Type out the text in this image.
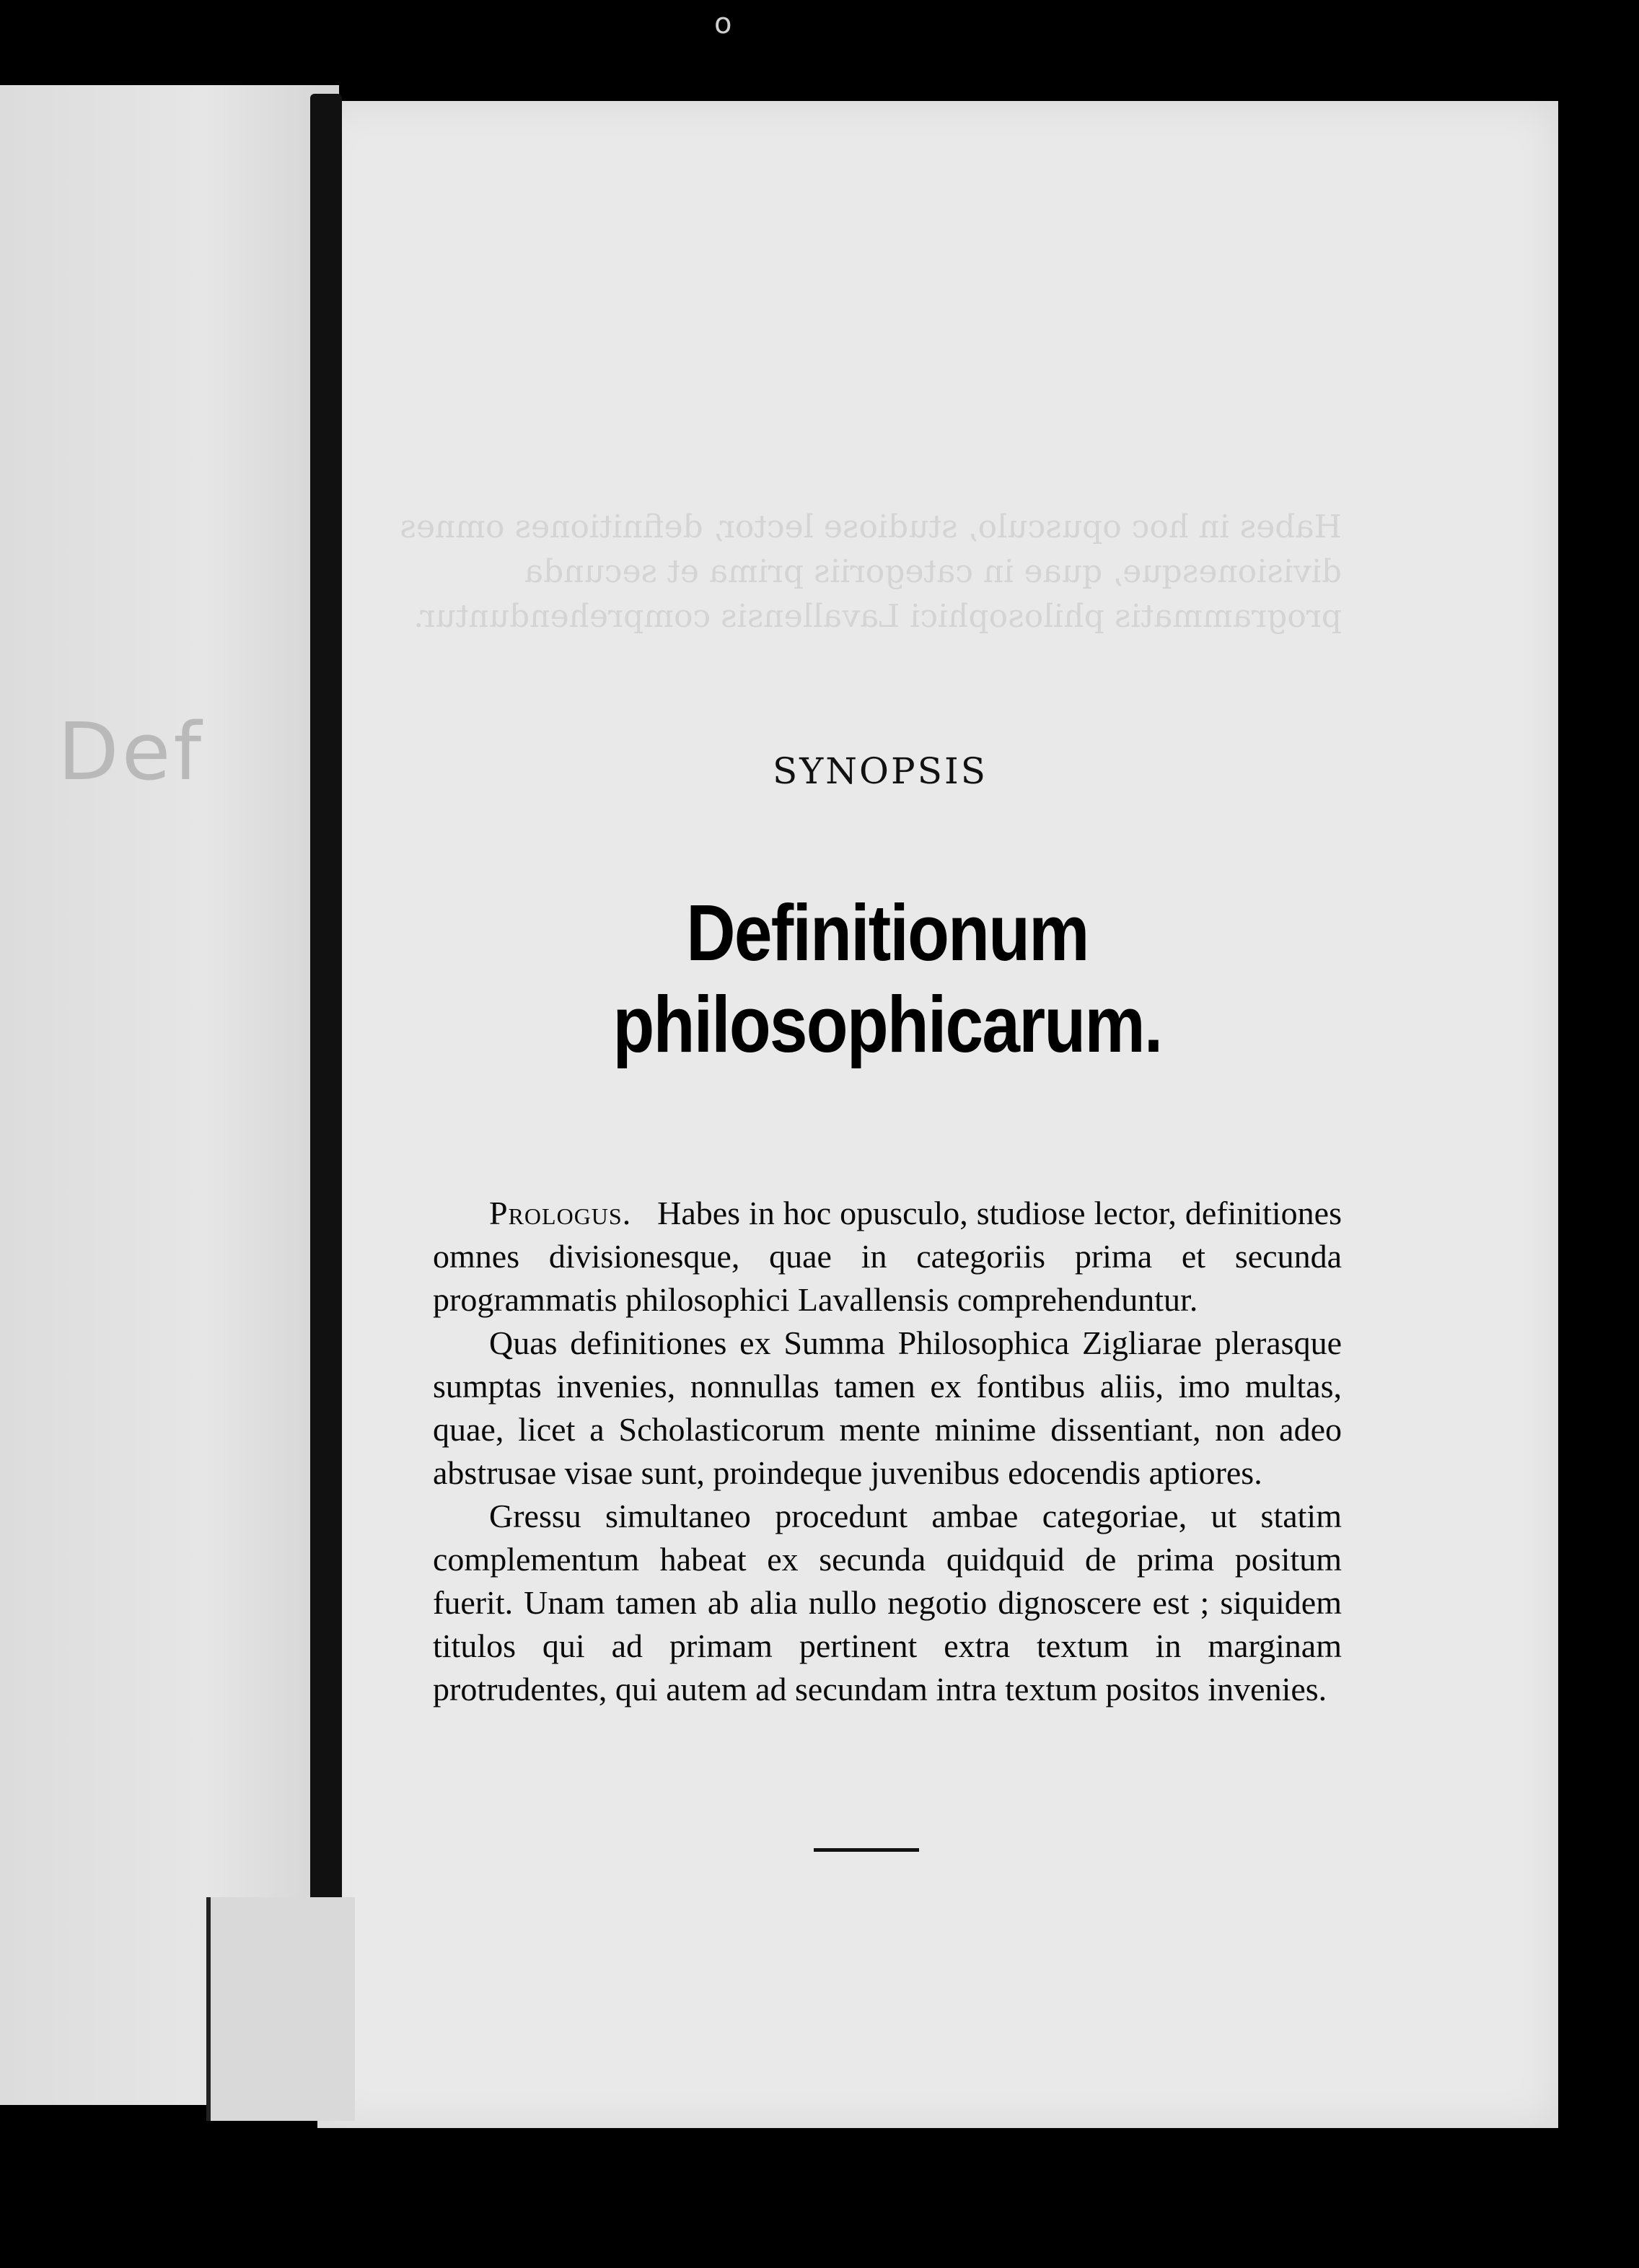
o
Def
Habes in hoc opusculo, studiose lector, definitiones omnes divisionesque, quae in categoriis prima et secunda programmatis philosophici Lavallensis comprehenduntur.
SYNOPSIS
Definitionum philosophicarum.

Prologus. Habes in hoc opusculo, studiose lector, definitiones omnes divisionesque, quae in categoriis prima et secunda programmatis philosophici Lavallensis comprehenduntur.

Quas definitiones ex Summa Philosophica Zigliarae plerasque sumptas invenies, nonnullas tamen ex fontibus aliis, imo multas, quae, licet a Scholasticorum mente minime dissentiant, non adeo abstrusae visae sunt, proindeque juvenibus edocendis aptiores.

Gressu simultaneo procedunt ambae categoriae, ut statim complementum habeat ex secunda quidquid de prima positum fuerit. Unam tamen ab alia nullo negotio dignoscere est ; siquidem titulos qui ad primam pertinent extra textum in marginam protrudentes, qui autem ad secundam intra textum positos invenies.
